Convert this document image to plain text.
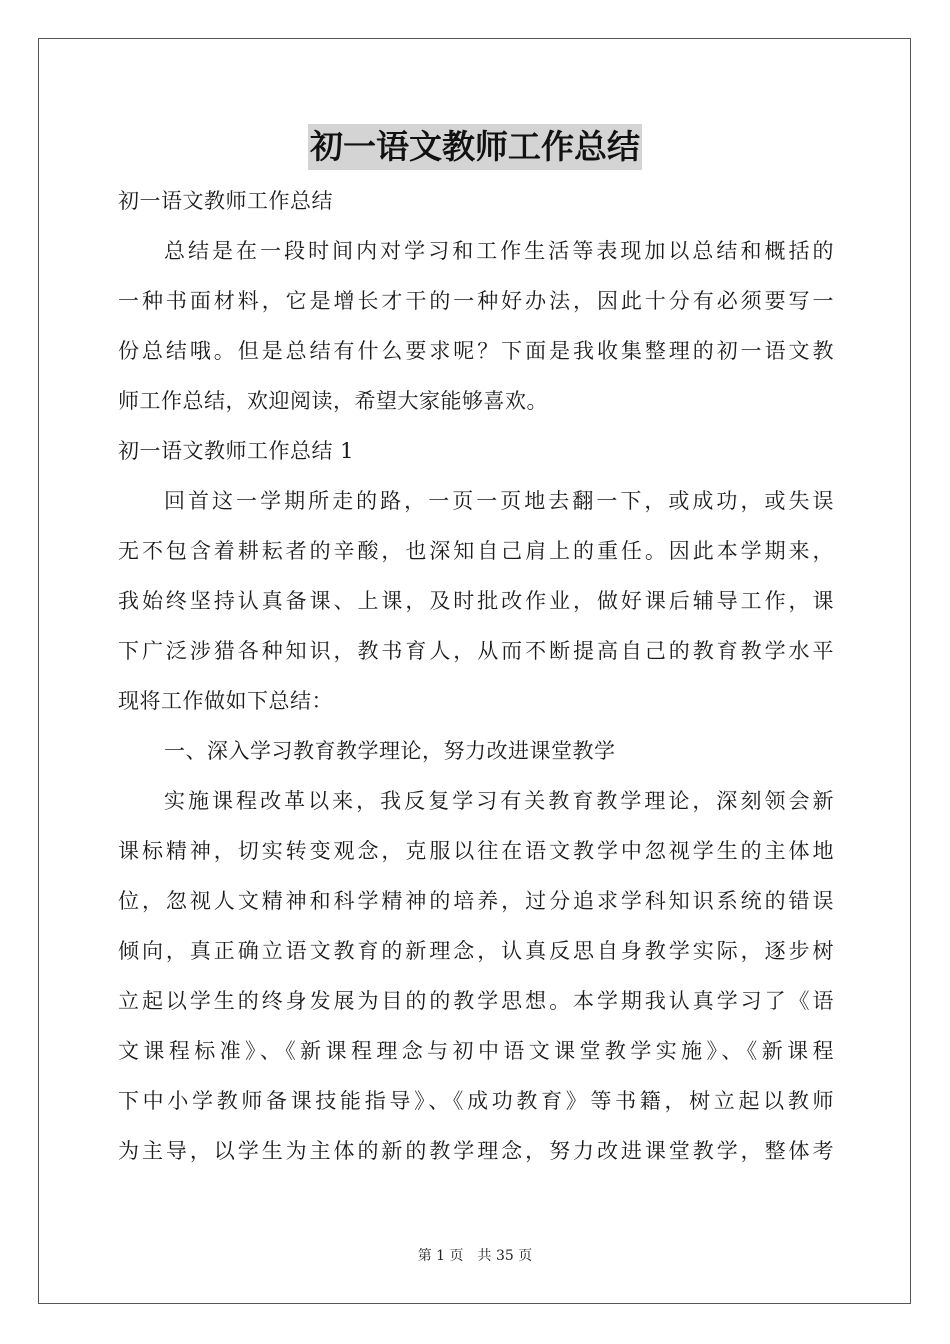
初一语文教师工作总结
初一语文教师工作总结
总结是在一段时间内对学习和工作生活等表现加以总结和概括的
一种书面材料，它是增长才干的一种好办法，因此十分有必须要写一
份总结哦。但是总结有什么要求呢？下面是我收集整理的初一语文教
师工作总结，欢迎阅读，希望大家能够喜欢。
初一语文教师工作总结 1
回首这一学期所走的路，一页一页地去翻一下，或成功，或失误
无不包含着耕耘者的辛酸，也深知自己肩上的重任。因此本学期来，
我始终坚持认真备课、上课，及时批改作业，做好课后辅导工作，课
下广泛涉猎各种知识，教书育人，从而不断提高自己的教育教学水平
现将工作做如下总结：
一、深入学习教育教学理论，努力改进课堂教学
实施课程改革以来，我反复学习有关教育教学理论，深刻领会新
课标精神，切实转变观念，克服以往在语文教学中忽视学生的主体地
位，忽视人文精神和科学精神的培养，过分追求学科知识系统的错误
倾向，真正确立语文教育的新理念，认真反思自身教学实际，逐步树
立起以学生的终身发展为目的的教学思想。本学期我认真学习了《语
文课程标准》、《新课程理念与初中语文课堂教学实施》、《新课程
下中小学教师备课技能指导》、《成功教育》等书籍，树立起以教师
为主导，以学生为主体的新的教学理念，努力改进课堂教学，整体考
第 1 页 共 35 页
